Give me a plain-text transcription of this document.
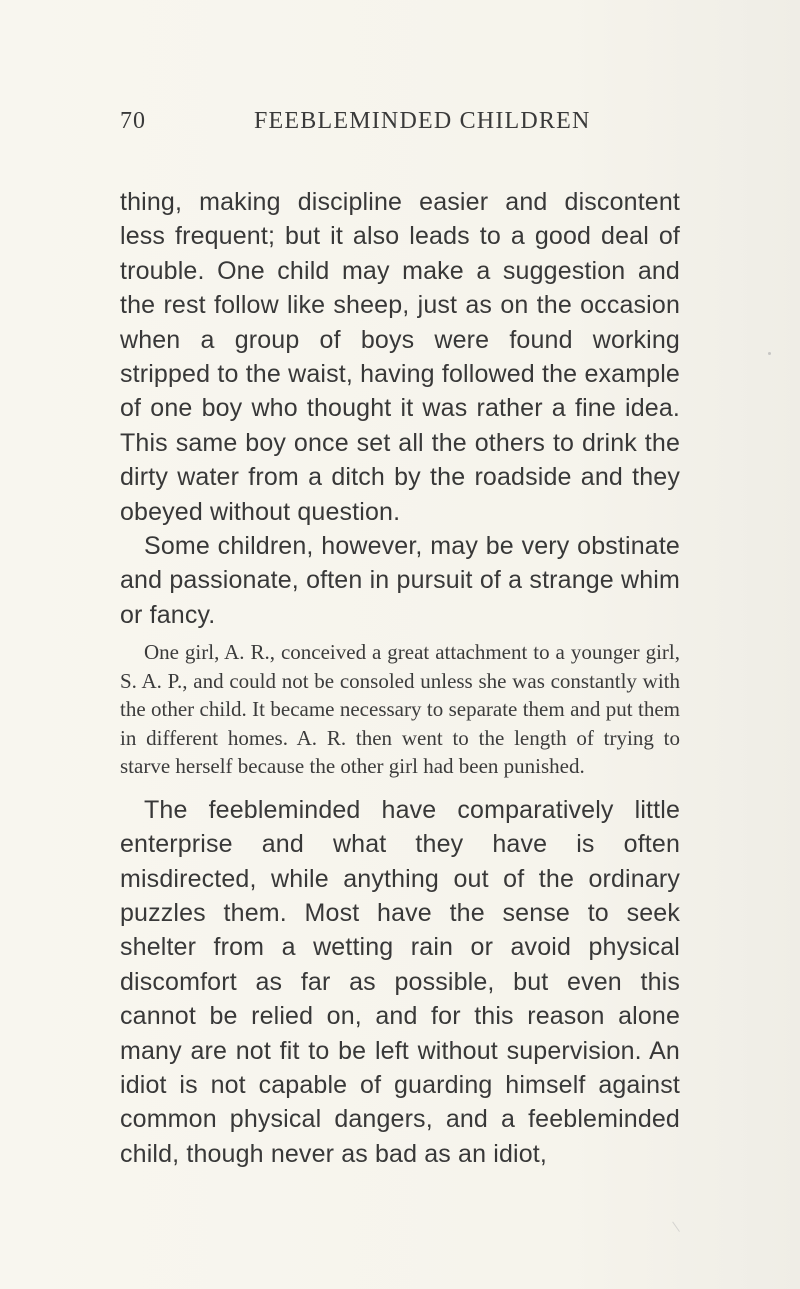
70	FEEBLEMINDED CHILDREN

thing, making discipline easier and discontent less frequent; but it also leads to a good deal of trouble. One child may make a suggestion and the rest follow like sheep, just as on the occasion when a group of boys were found working stripped to the waist, having followed the example of one boy who thought it was rather a fine idea. This same boy once set all the others to drink the dirty water from a ditch by the roadside and they obeyed without question.

Some children, however, may be very obstinate and passionate, often in pursuit of a strange whim or fancy.

One girl, A. R., conceived a great attachment to a younger girl, S. A. P., and could not be consoled unless she was constantly with the other child. It became necessary to separate them and put them in different homes. A. R. then went to the length of trying to starve herself because the other girl had been punished.

The feebleminded have comparatively little enterprise and what they have is often misdirected, while anything out of the ordinary puzzles them. Most have the sense to seek shelter from a wetting rain or avoid physical discomfort as far as possible, but even this cannot be relied on, and for this reason alone many are not fit to be left without supervision. An idiot is not capable of guarding himself against common physical dangers, and a feebleminded child, though never as bad as an idiot,
